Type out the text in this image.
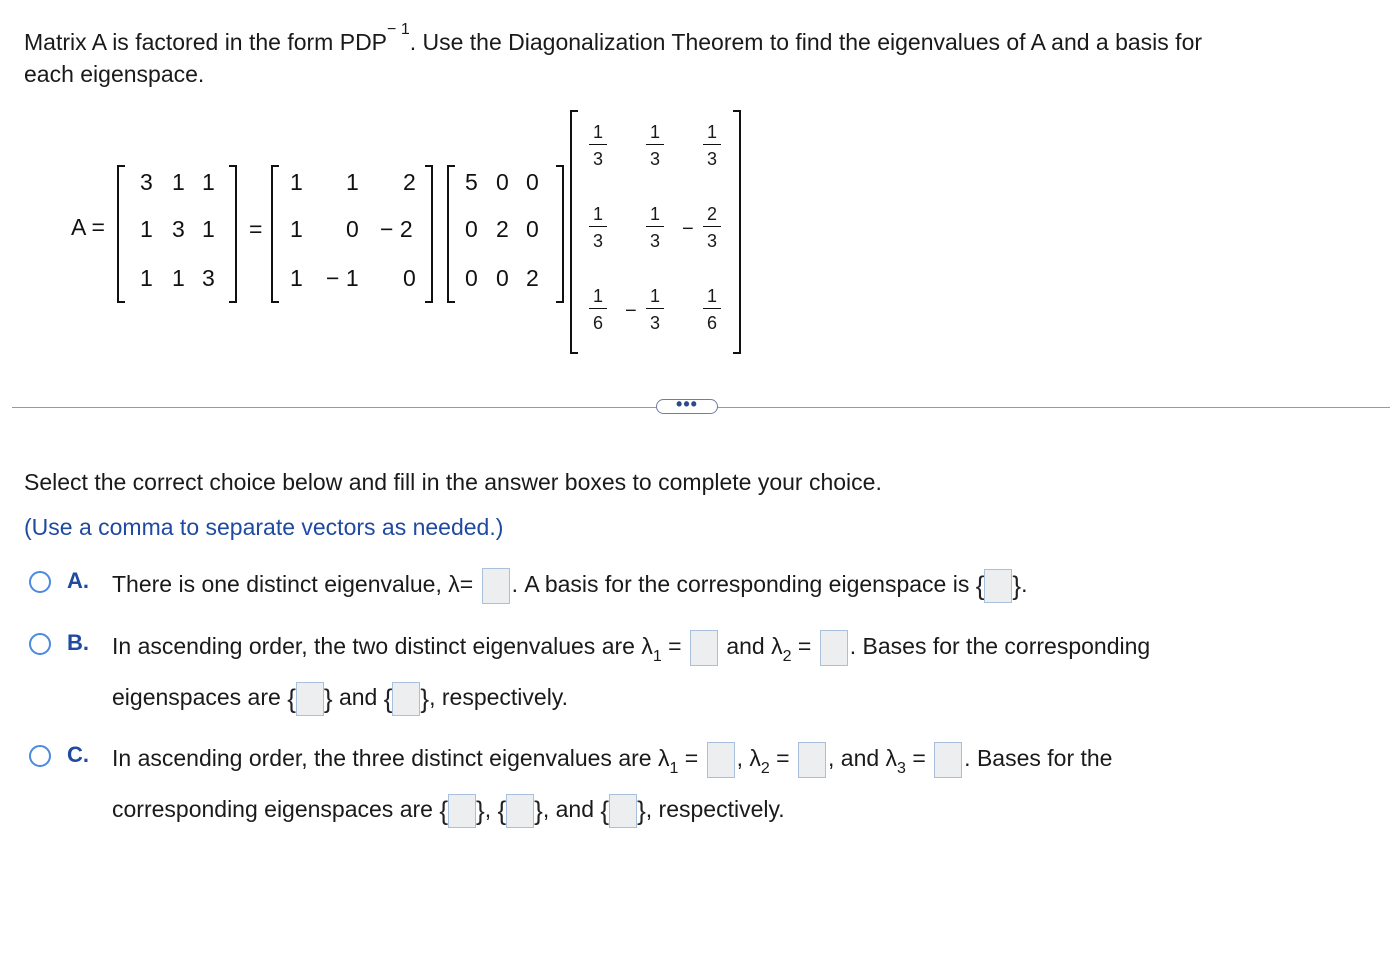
Matrix A is factored in the form $PDP^{- 1}$. Use the Diagonalization Theorem to find the eigenvalues of A and a basis for
each eigenspace.
A =
3 1 1
1 3 1
1 1 3
=
1 1 2
1 0 − 2
1 − 1 0
5 0 0
0 2 0
0 0 2
1
3
1
3
1
3
1
3
1
3
−
2
3
1
6
−
1
3
1
6
•••
Select the correct choice below and fill in the answer boxes to complete your choice.
(Use a comma to separate vectors as needed.)
A. There is one distinct eigenvalue, λ= . A basis for the corresponding eigenspace is { }.
B. In ascending order, the two distinct eigenvalues are $\lambda_1$ = and $\lambda_2$ = . Bases for the corresponding
eigenspaces are { } and { }, respectively.
C. In ascending order, the three distinct eigenvalues are $\lambda_1$ = , $\lambda_2$ = , and $\lambda_3$ = . Bases for the
corresponding eigenspaces are { }, { }, and { }, respectively.
